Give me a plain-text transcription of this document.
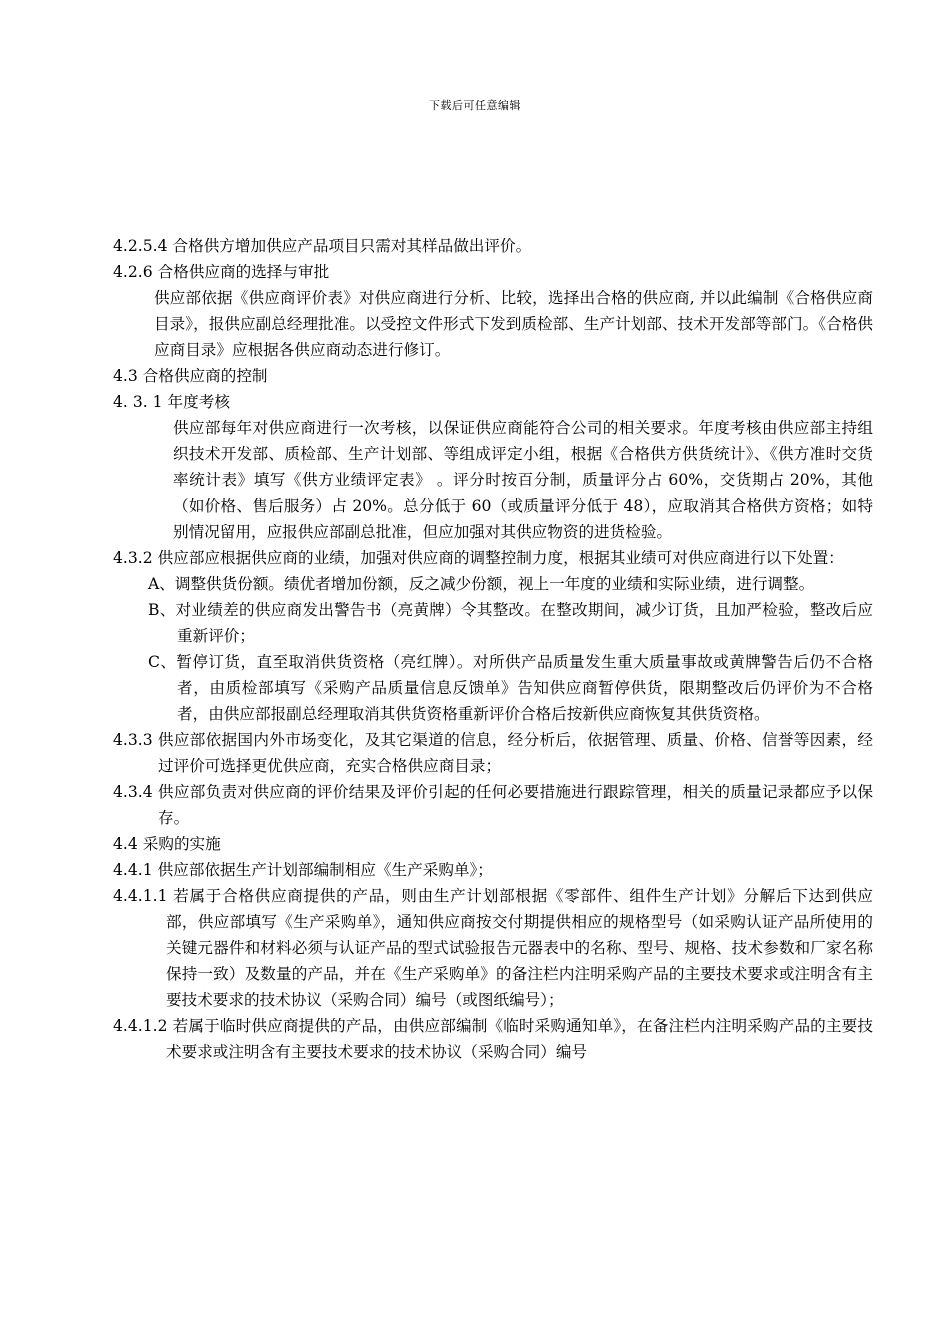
下载后可任意编辑

4.2.5.4 合格供方增加供应产品项目只需对其样品做出评价。

4.2.6 合格供应商的选择与审批

供应部依据《供应商评价表》对供应商进行分析、比较，选择出合格的供应商, 并以此编制《合格供应商目录》，报供应副总经理批准。以受控文件形式下发到质检部、生产计划部、技术开发部等部门。《合格供应商目录》应根据各供应商动态进行修订。

4.3 合格供应商的控制

4. 3. 1 年度考核

供应部每年对供应商进行一次考核，以保证供应商能符合公司的相关要求。年度考核由供应部主持组织技术开发部、质检部、生产计划部、等组成评定小组，根据《合格供方供货统计》、《供方准时交货率统计表》填写《供方业绩评定表》 。评分时按百分制，质量评分占 60%，交货期占 20%，其他（如价格、售后服务）占 20%。总分低于 60（或质量评分低于 48），应取消其合格供方资格；如特别情况留用，应报供应部副总批准，但应加强对其供应物资的进货检验。

4.3.2 供应部应根据供应商的业绩，加强对供应商的调整控制力度，根据其业绩可对供应商进行以下处置：

A、调整供货份额。绩优者增加份额，反之减少份额，视上一年度的业绩和实际业绩，进行调整。

B、对业绩差的供应商发出警告书（亮黄牌）令其整改。在整改期间，减少订货，且加严检验，整改后应重新评价；

C、暂停订货，直至取消供货资格（亮红牌）。对所供产品质量发生重大质量事故或黄牌警告后仍不合格者，由质检部填写《采购产品质量信息反馈单》告知供应商暂停供货，限期整改后仍评价为不合格者，由供应部报副总经理取消其供货资格重新评价合格后按新供应商恢复其供货资格。

4.3.3 供应部依据国内外市场变化，及其它渠道的信息，经分析后，依据管理、质量、价格、信誉等因素，经过评价可选择更优供应商，充实合格供应商目录；

4.3.4 供应部负责对供应商的评价结果及评价引起的任何必要措施进行跟踪管理，相关的质量记录都应予以保存。

4.4 采购的实施

4.4.1 供应部依据生产计划部编制相应《生产采购单》；

4.4.1.1 若属于合格供应商提供的产品，则由生产计划部根据《零部件、组件生产计划》分解后下达到供应部，供应部填写《生产采购单》，通知供应商按交付期提供相应的规格型号（如采购认证产品所使用的关键元器件和材料必须与认证产品的型式试验报告元器表中的名称、型号、规格、技术参数和厂家名称保持一致）及数量的产品，并在《生产采购单》的备注栏内注明采购产品的主要技术要求或注明含有主要技术要求的技术协议（采购合同）编号（或图纸编号）；

4.4.1.2 若属于临时供应商提供的产品，由供应部编制《临时采购通知单》，在备注栏内注明采购产品的主要技术要求或注明含有主要技术要求的技术协议（采购合同）编号
